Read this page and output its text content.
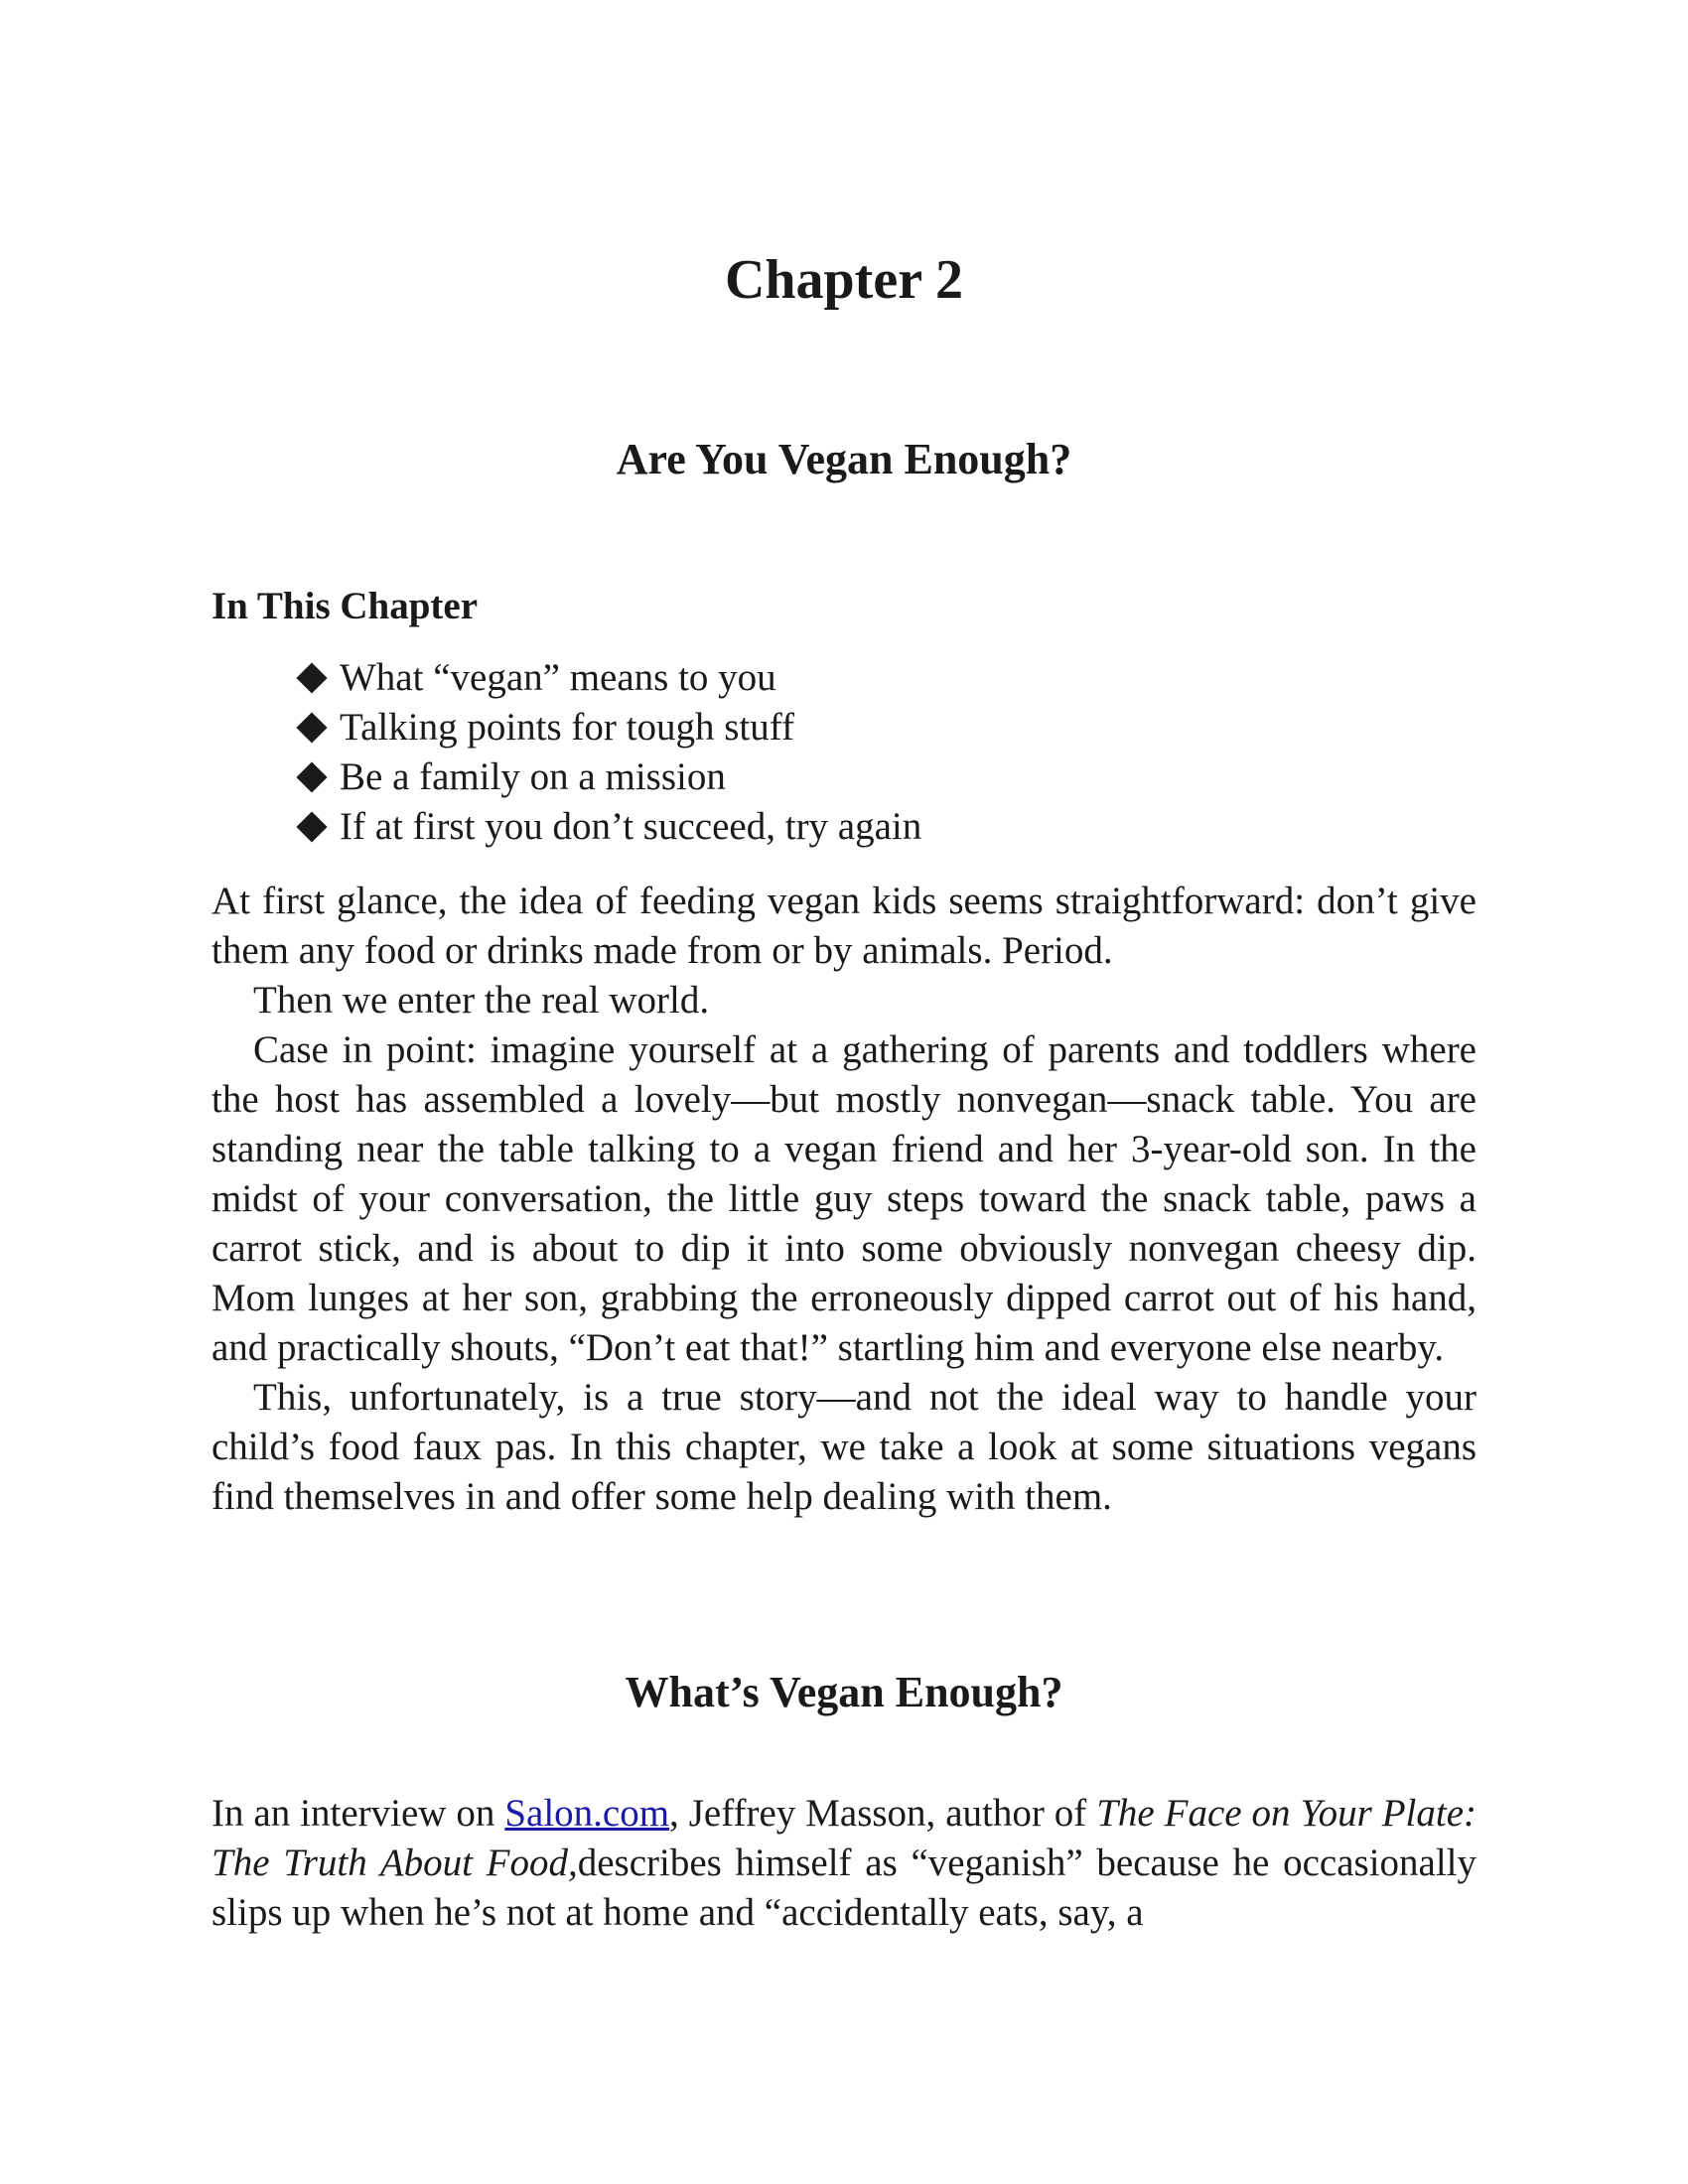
Chapter 2
Are You Vegan Enough?
In This Chapter
What “vegan” means to you
Talking points for tough stuff
Be a family on a mission
If at first you don’t succeed, try again

At first glance, the idea of feeding vegan kids seems straightforward: don’t give them any food or drinks made from or by animals. Period.

Then we enter the real world.

Case in point: imagine yourself at a gathering of parents and toddlers where the host has assembled a lovely—but mostly nonvegan—snack table. You are standing near the table talking to a vegan friend and her 3-year-old son. In the midst of your conversation, the little guy steps toward the snack table, paws a carrot stick, and is about to dip it into some obviously nonvegan cheesy dip. Mom lunges at her son, grabbing the erroneously dipped carrot out of his hand, and practically shouts, “Don’t eat that!” startling him and everyone else nearby.

This, unfortunately, is a true story—and not the ideal way to handle your child’s food faux pas. In this chapter, we take a look at some situations vegans find themselves in and offer some help dealing with them.

What’s Vegan Enough?

In an interview on Salon.com, Jeffrey Masson, author of The Face on Your Plate: The Truth About Food,describes himself as “veganish” because he occasionally slips up when he’s not at home and “accidentally eats, say, a
